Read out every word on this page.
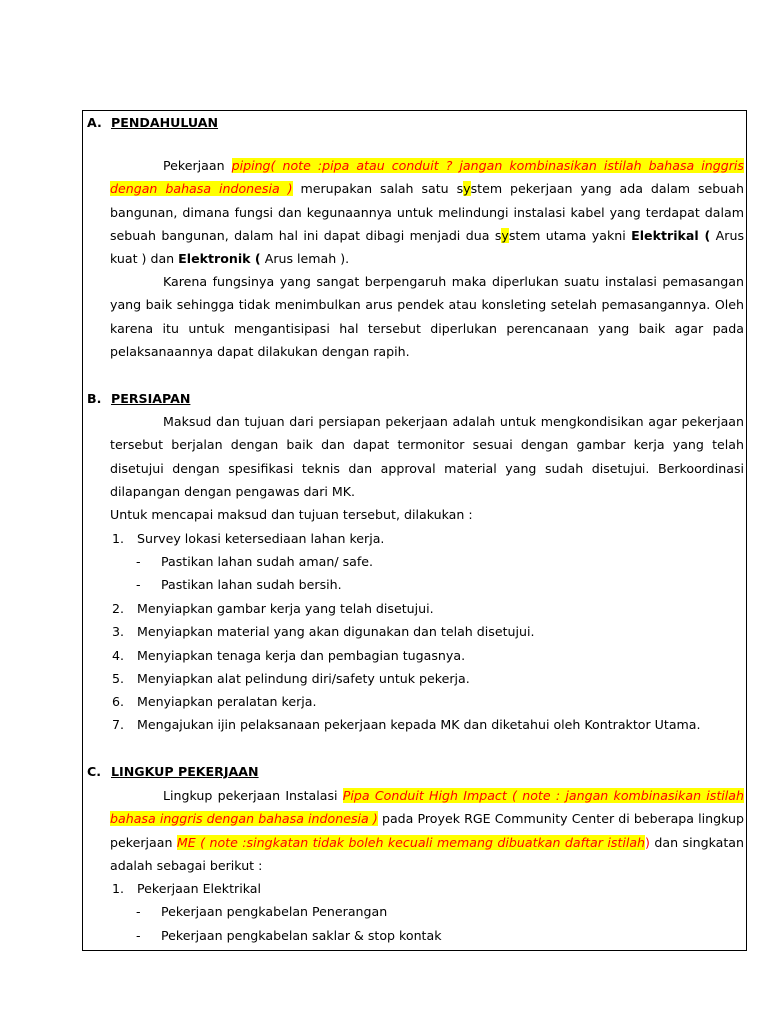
A. PENDAHULUAN
Pekerjaan piping( note :pipa atau conduit ? jangan kombinasikan istilah bahasa inggris dengan bahasa indonesia ) merupakan salah satu system pekerjaan yang ada dalam sebuah bangunan, dimana fungsi dan kegunaannya untuk melindungi instalasi kabel yang terdapat dalam sebuah bangunan, dalam hal ini dapat dibagi menjadi dua system utama yakni Elektrikal ( Arus kuat ) dan Elektronik ( Arus lemah ).
Karena fungsinya yang sangat berpengaruh maka diperlukan suatu instalasi pemasangan yang baik sehingga tidak menimbulkan arus pendek atau konsleting setelah pemasangannya. Oleh karena itu untuk mengantisipasi hal tersebut diperlukan perencanaan yang baik agar pada pelaksanaannya dapat dilakukan dengan rapih.
B. PERSIAPAN
Maksud dan tujuan dari persiapan pekerjaan adalah untuk mengkondisikan agar pekerjaan tersebut berjalan dengan baik dan dapat termonitor sesuai dengan gambar kerja yang telah disetujui dengan spesifikasi teknis dan approval material yang sudah disetujui. Berkoordinasi dilapangan dengan pengawas dari MK.
Untuk mencapai maksud dan tujuan tersebut, dilakukan :
1. Survey lokasi ketersediaan lahan kerja.
- Pastikan lahan sudah aman/ safe.
- Pastikan lahan sudah bersih.
2. Menyiapkan gambar kerja yang telah disetujui.
3. Menyiapkan material yang akan digunakan dan telah disetujui.
4. Menyiapkan tenaga kerja dan pembagian tugasnya.
5. Menyiapkan alat pelindung diri/safety untuk pekerja.
6. Menyiapkan peralatan kerja.
7. Mengajukan ijin pelaksanaan pekerjaan kepada MK dan diketahui oleh Kontraktor Utama.
C. LINGKUP PEKERJAAN
Lingkup pekerjaan Instalasi Pipa Conduit High Impact ( note : jangan kombinasikan istilah bahasa inggris dengan bahasa indonesia ) pada Proyek RGE Community Center di beberapa lingkup pekerjaan ME ( note :singkatan tidak boleh kecuali memang dibuatkan daftar istilah) dan singkatan adalah sebagai berikut :
1. Pekerjaan Elektrikal
- Pekerjaan pengkabelan Penerangan
- Pekerjaan pengkabelan saklar & stop kontak
